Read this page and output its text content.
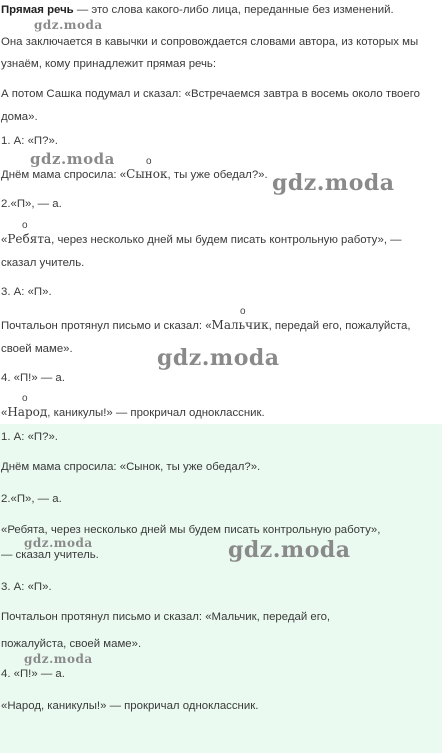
Прямая речь — это слова какого-либо лица, переданные без изменений.
Она заключается в кавычки и сопровождается словами автора, из которых мы
узнаём, кому принадлежит прямая речь:
А потом Сашка подумал и сказал: «Встречаемся завтра в восемь около твоего
дома».
1. А: «П?».
Днём мама спросила: «Сынок, ты уже обедал?».
о
2.«П», — а.
«Ребята, через несколько дней мы будем писать контрольную работу», —
о
сказал учитель.
3. А: «П».
Почтальон протянул письмо и сказал: «Мальчик, передай его, пожалуйста,
о
своей маме».
4. «П!» — а.
«Народ, каникулы!» — прокричал одноклассник.
о
1. А: «П?».
Днём мама спросила: «Сынок, ты уже обедал?».
2.«П», — а.
«Ребята, через несколько дней мы будем писать контрольную работу»,
— сказал учитель.
3. А: «П».
Почтальон протянул письмо и сказал: «Мальчик, передай его,
пожалуйста, своей маме».
4. «П!» — а.
«Народ, каникулы!» — прокричал одноклассник.
gdz.moda
gdz.moda
gdz.moda
gdz.moda
gdz.moda
gdz.moda
gdz.moda
